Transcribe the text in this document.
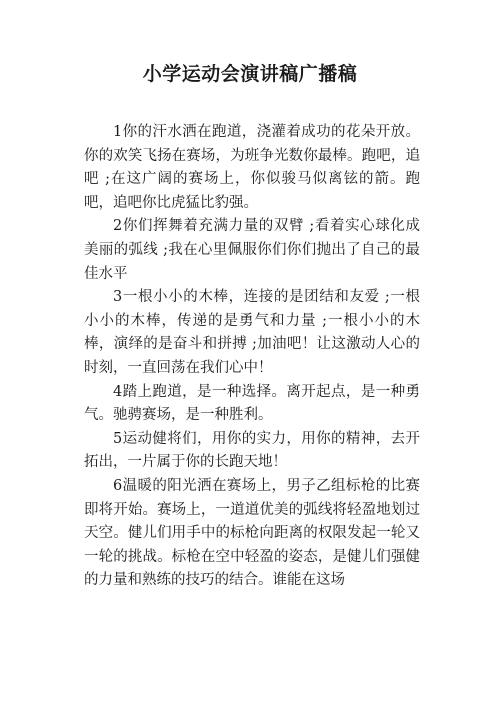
小学运动会演讲稿广播稿

1你的汗水洒在跑道，浇灌着成功的花朵开放。你的欢笑飞扬在赛场，为班争光数你最棒。跑吧，追吧 ;在这广阔的赛场上，你似骏马似离铉的箭。跑吧，追吧你比虎猛比豹强。

2你们挥舞着充满力量的双臂 ;看着实心球化成美丽的弧线 ;我在心里佩服你们你们抛出了自己的最佳水平

3一根小小的木棒，连接的是团结和友爱 ;一根小小的木棒，传递的是勇气和力量 ;一根小小的木棒，演绎的是奋斗和拼搏 ;加油吧！让这激动人心的时刻，一直回荡在我们心中！

4踏上跑道，是一种选择。离开起点，是一种勇气。驰骋赛场，是一种胜利。

5运动健将们，用你的实力，用你的精神，去开拓出，一片属于你的长跑天地！

6温暖的阳光洒在赛场上，男子乙组标枪的比赛即将开始。赛场上，一道道优美的弧线将轻盈地划过天空。健儿们用手中的标枪向距离的权限发起一轮又一轮的挑战。标枪在空中轻盈的姿态，是健儿们强健的力量和熟练的技巧的结合。谁能在这场
